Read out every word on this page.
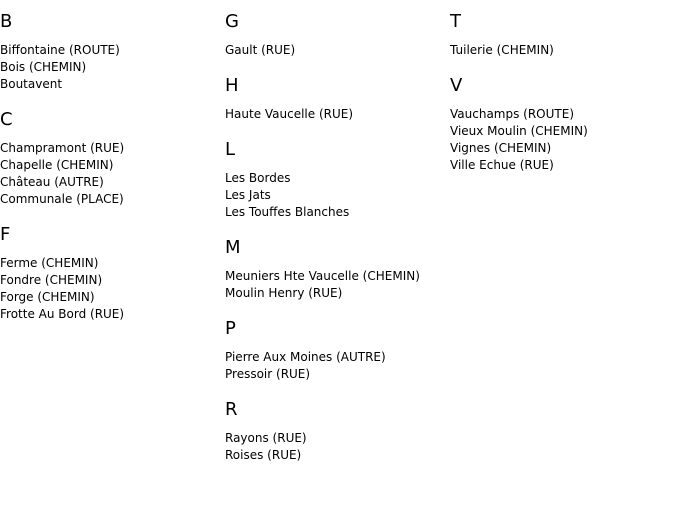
B
Biffontaine (ROUTE)
Bois (CHEMIN)
Boutavent
C
Champramont (RUE)
Chapelle (CHEMIN)
Château (AUTRE)
Communale (PLACE)
F
Ferme (CHEMIN)
Fondre (CHEMIN)
Forge (CHEMIN)
Frotte Au Bord (RUE)
G
Gault (RUE)
H
Haute Vaucelle (RUE)
L
Les Bordes
Les Jats
Les Touffes Blanches
M
Meuniers Hte Vaucelle (CHEMIN)
Moulin Henry (RUE)
P
Pierre Aux Moines (AUTRE)
Pressoir (RUE)
R
Rayons (RUE)
Roises (RUE)
T
Tuilerie (CHEMIN)
V
Vauchamps (ROUTE)
Vieux Moulin (CHEMIN)
Vignes (CHEMIN)
Ville Echue (RUE)
